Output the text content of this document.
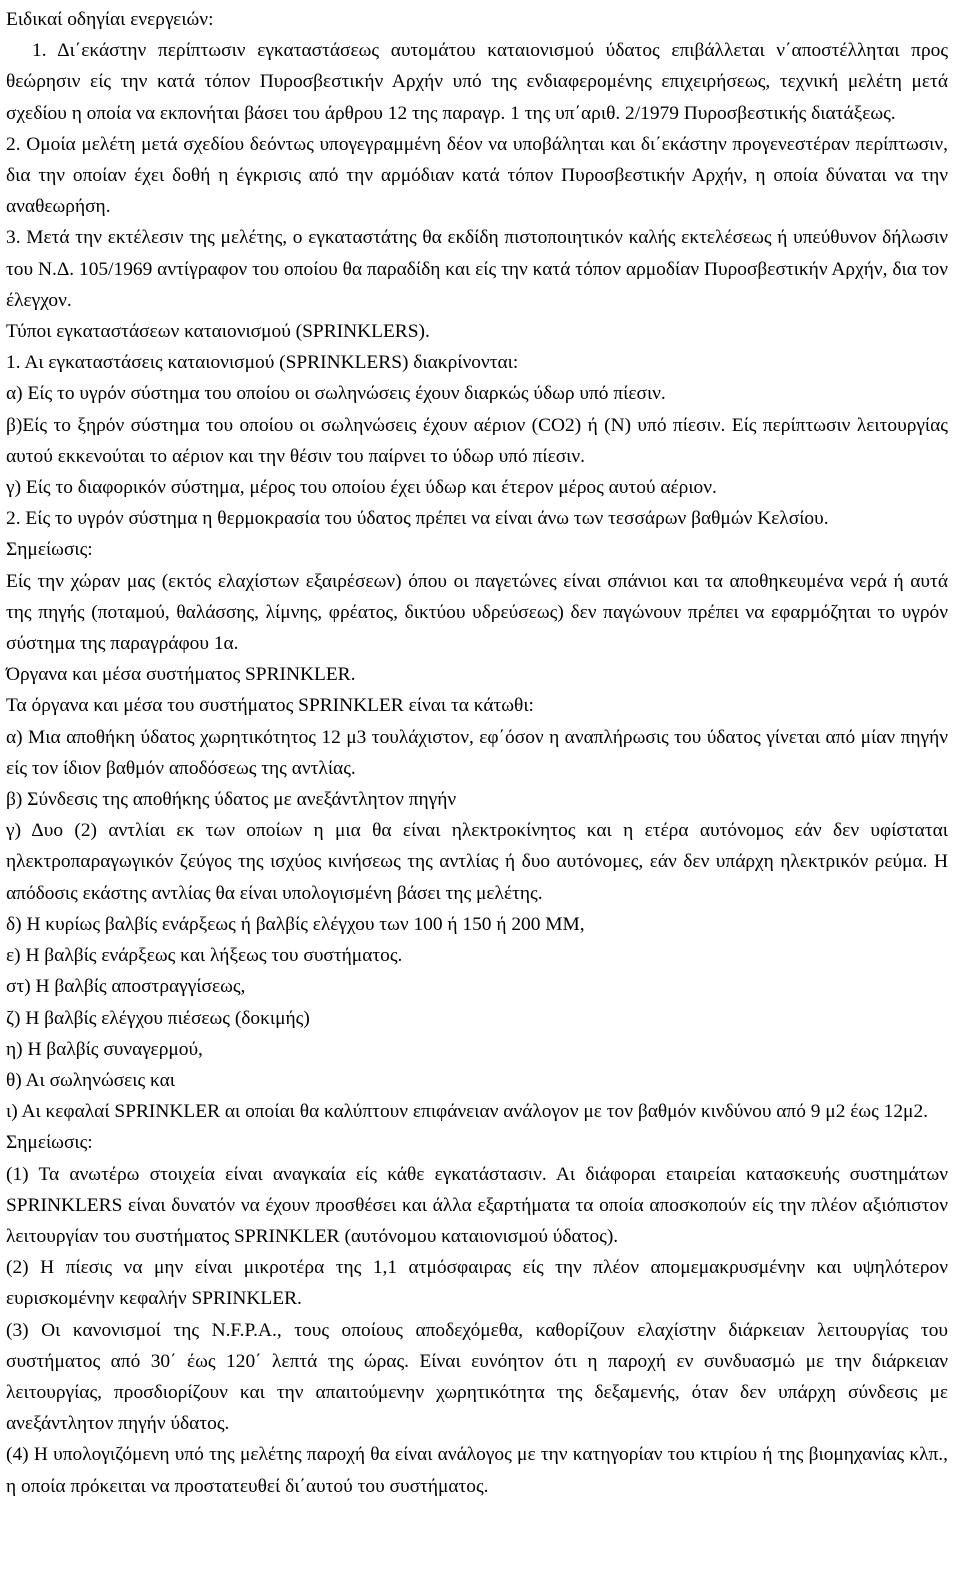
Ειδικαί οδηγίαι ενεργειών:

1. Δι΄εκάστην περίπτωσιν εγκαταστάσεως αυτομάτου καταιονισμού ύδατος επιβάλλεται ν΄αποστέλληται προς θεώρησιν είς την κατά τόπον Πυροσβεστικήν Αρχήν υπό της ενδιαφερομένης επιχειρήσεως, τεχνική μελέτη μετά σχεδίου η οποία να εκπονήται βάσει του άρθρου 12 της παραγρ. 1 της υπ΄αριθ. 2/1979 Πυροσβεστικής διατάξεως.

2. Ομοία μελέτη μετά σχεδίου δεόντως υπογεγραμμένη δέον να υποβάληται και δι΄εκάστην προγενεστέραν περίπτωσιν, δια την οποίαν έχει δοθή η έγκρισις από την αρμόδιαν κατά τόπον Πυροσβεστικήν Αρχήν, η οποία δύναται να την αναθεωρήση.

3. Μετά την εκτέλεσιν της μελέτης, ο εγκαταστάτης θα εκδίδη πιστοποιητικόν καλής εκτελέσεως ή υπεύθυνον δήλωσιν του Ν.Δ. 105/1969 αντίγραφον του οποίου θα παραδίδη και είς την κατά τόπον αρμοδίαν Πυροσβεστικήν Αρχήν, δια τον έλεγχον.

Τύποι εγκαταστάσεων καταιονισμού (SPRINKLERS).

1. Αι εγκαταστάσεις καταιονισμού (SPRINKLERS) διακρίνονται:

α) Είς το υγρόν σύστημα του οποίου οι σωληνώσεις έχουν διαρκώς ύδωρ υπό πίεσιν.

β)Είς το ξηρόν σύστημα του οποίου οι σωληνώσεις έχουν αέριον (CO2) ή (N) υπό πίεσιν. Είς περίπτωσιν λειτουργίας αυτού εκκενούται το αέριον και την θέσιν του παίρνει το ύδωρ υπό πίεσιν.

γ) Είς το διαφορικόν σύστημα, μέρος του οποίου έχει ύδωρ και έτερον μέρος αυτού αέριον.

2. Είς το υγρόν σύστημα η θερμοκρασία του ύδατος πρέπει να είναι άνω των τεσσάρων βαθμών Κελσίου.

Σημείωσις:

Είς την χώραν μας (εκτός ελαχίστων εξαιρέσεων) όπου οι παγετώνες είναι σπάνιοι και τα αποθηκευμένα νερά ή αυτά της πηγής (ποταμού, θαλάσσης, λίμνης, φρέατος, δικτύου υδρεύσεως) δεν παγώνουν πρέπει να εφαρμόζηται το υγρόν σύστημα της παραγράφου 1α.

Όργανα και μέσα συστήματος SPRINKLER.

Τα όργανα και μέσα του συστήματος SPRINKLER είναι τα κάτωθι:

α) Μια αποθήκη ύδατος χωρητικότητος 12 μ3 τουλάχιστον, εφ΄όσον η αναπλήρωσις του ύδατος γίνεται από μίαν πηγήν είς τον ίδιον βαθμόν αποδόσεως της αντλίας.

β) Σύνδεσις της αποθήκης ύδατος με ανεξάντλητον πηγήν

γ) Δυο (2) αντλίαι εκ των οποίων η μια θα είναι ηλεκτροκίνητος και η ετέρα αυτόνομος εάν δεν υφίσταται ηλεκτροπαραγωγικόν ζεύγος της ισχύος κινήσεως της αντλίας ή δυο αυτόνομες, εάν δεν υπάρχη ηλεκτρικόν ρεύμα. Η απόδοσις εκάστης αντλίας θα είναι υπολογισμένη βάσει της μελέτης.

δ) Η κυρίως βαλβίς ενάρξεως ή βαλβίς ελέγχου των 100 ή 150 ή 200 ΜΜ,

ε) Η βαλβίς ενάρξεως και λήξεως του συστήματος.

στ) Η βαλβίς αποστραγγίσεως,

ζ) Η βαλβίς ελέγχου πιέσεως (δοκιμής)

η) Η βαλβίς συναγερμού,

θ) Αι σωληνώσεις και

ι) Αι κεφαλαί SPRINKLER αι οποίαι θα καλύπτουν επιφάνειαν ανάλογον με τον βαθμόν κινδύνου από 9 μ2 έως 12μ2.

Σημείωσις:

(1) Τα ανωτέρω στοιχεία είναι αναγκαία είς κάθε εγκατάστασιν. Αι διάφοραι εταιρείαι κατασκευής συστημάτων SPRINKLERS είναι δυνατόν να έχουν προσθέσει και άλλα εξαρτήματα τα οποία αποσκοπούν είς την πλέον αξιόπιστον λειτουργίαν του συστήματος SPRINKLER (αυτόνομου καταιονισμού ύδατος).

(2) Η πίεσις να μην είναι μικροτέρα της 1,1 ατμόσφαιρας είς την πλέον απομεμακρυσμένην και υψηλότερον ευρισκομένην κεφαλήν SPRINKLER.

(3) Οι κανονισμοί της N.F.P.A., τους οποίους αποδεχόμεθα, καθορίζουν ελαχίστην διάρκειαν λειτουργίας του συστήματος από 30΄ έως 120΄ λεπτά της ώρας. Είναι ευνόητον ότι η παροχή εν συνδυασμώ με την διάρκειαν λειτουργίας, προσδιορίζουν και την απαιτούμενην χωρητικότητα της δεξαμενής, όταν δεν υπάρχη σύνδεσις με ανεξάντλητον πηγήν ύδατος.

(4) Η υπολογιζόμενη υπό της μελέτης παροχή θα είναι ανάλογος με την κατηγορίαν του κτιρίου ή της βιομηχανίας κλπ., η οποία πρόκειται να προστατευθεί δι΄αυτού του συστήματος.
